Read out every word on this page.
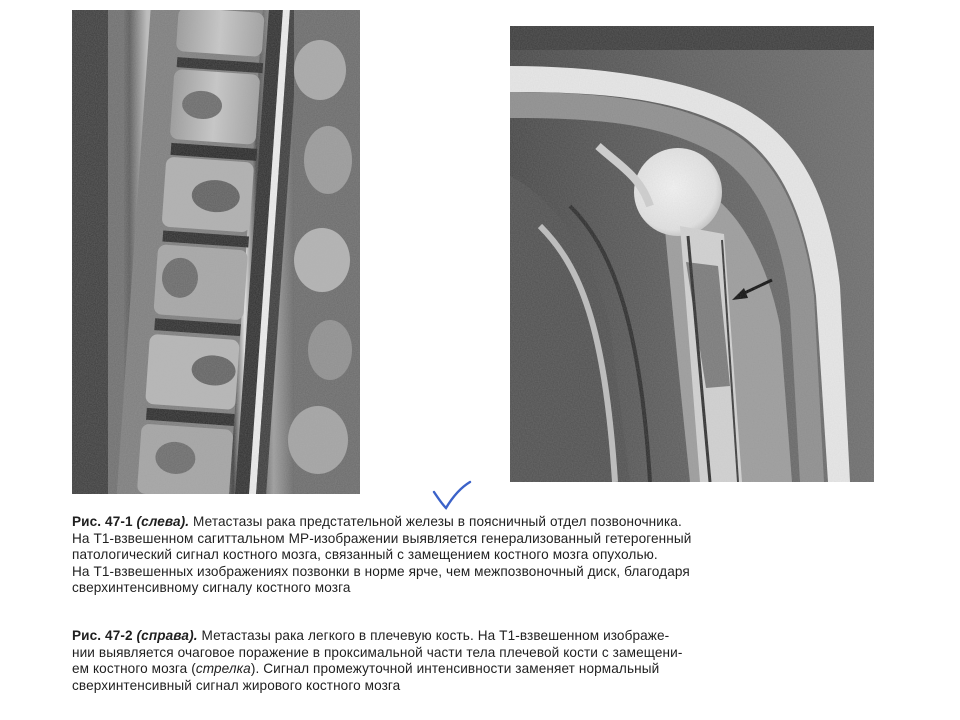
Рис. 47-1 (слева). Метастазы рака предстательной железы в поясничный отдел позвоночника.
На Т1-взвешенном сагиттальном МР-изображении выявляется генерализованный гетерогенный
патологический сигнал костного мозга, связанный с замещением костного мозга опухолью.
На Т1-взвешенных изображениях позвонки в норме ярче, чем межпозвоночный диск, благодаря
сверхинтенсивному сигналу костного мозга
Рис. 47-2 (справа). Метастазы рака легкого в плечевую кость. На Т1-взвешенном изображе-
нии выявляется очаговое поражение в проксимальной части тела плечевой кости с замещени-
ем костного мозга (стрелка). Сигнал промежуточной интенсивности заменяет нормальный
сверхинтенсивный сигнал жирового костного мозга
